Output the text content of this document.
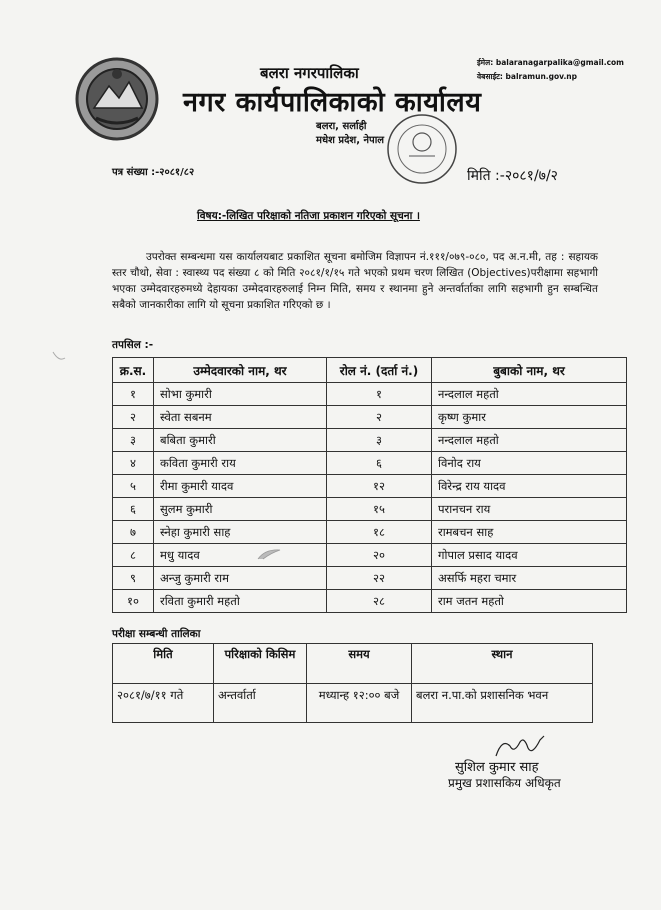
बलरा नगरपालिका
नगर कार्यपालिकाको कार्यालय
बलरा, सर्लाही
मधेश प्रदेश, नेपाल
ईमेल: balaranagarpalika@gmail.com
वेबसाईट: balramun.gov.np
पत्र संख्या :-२०८१/८२	मिति :-२०८१/७/२
विषय:-लिखित परिक्षाको नतिजा प्रकाशन गरिएको सूचना ।
उपरोक्त सम्बन्धमा यस कार्यालयबाट प्रकाशित सूचना बमोजिम विज्ञापन नं.१११/०७९-०८०, पद अ.न.मी, तह : सहायक स्तर चौथो, सेवा : स्वास्थ्य पद संख्या ८ को मिति २०८१/१/१५ गते भएको प्रथम चरण लिखित (Objectives)परीक्षामा सहभागी भएका उम्मेदवारहरुमध्ये देहायका उम्मेदवारहरुलाई निम्न मिति, समय र स्थानमा हुने अन्तर्वार्ताका लागि सहभागी हुन सम्बन्धित सबैको जानकारीका लागि यो सूचना प्रकाशित गरिएको छ ।
तपसिल :-
क्र.स.	उम्मेदवारको नाम, थर	रोल नं. (दर्ता नं.)	बुबाको नाम, थर
१	सोभा कुमारी	१	नन्दलाल महतो
२	स्वेता सबनम	२	कृष्ण कुमार
३	बबिता कुमारी	३	नन्दलाल महतो
४	कविता कुमारी राय	६	विनोद राय
५	रीमा कुमारी यादव	१२	विरेन्द्र राय यादव
६	सुलम कुमारी	१५	परानचन राय
७	स्नेहा कुमारी साह	१८	रामबचन साह
८	मधु यादव	२०	गोपाल प्रसाद यादव
९	अन्जु कुमारी राम	२२	असर्फि महरा चमार
१०	रविता कुमारी महतो	२८	राम जतन महतो
परीक्षा सम्बन्धी तालिका
मिति	परिक्षाको किसिम	समय	स्थान
२०८१/७/११ गते	अन्तर्वार्ता	मध्यान्ह १२:०० बजे	बलरा न.पा.को प्रशासनिक भवन
सुशिल कुमार साह
प्रमुख प्रशासकिय अधिकृत
